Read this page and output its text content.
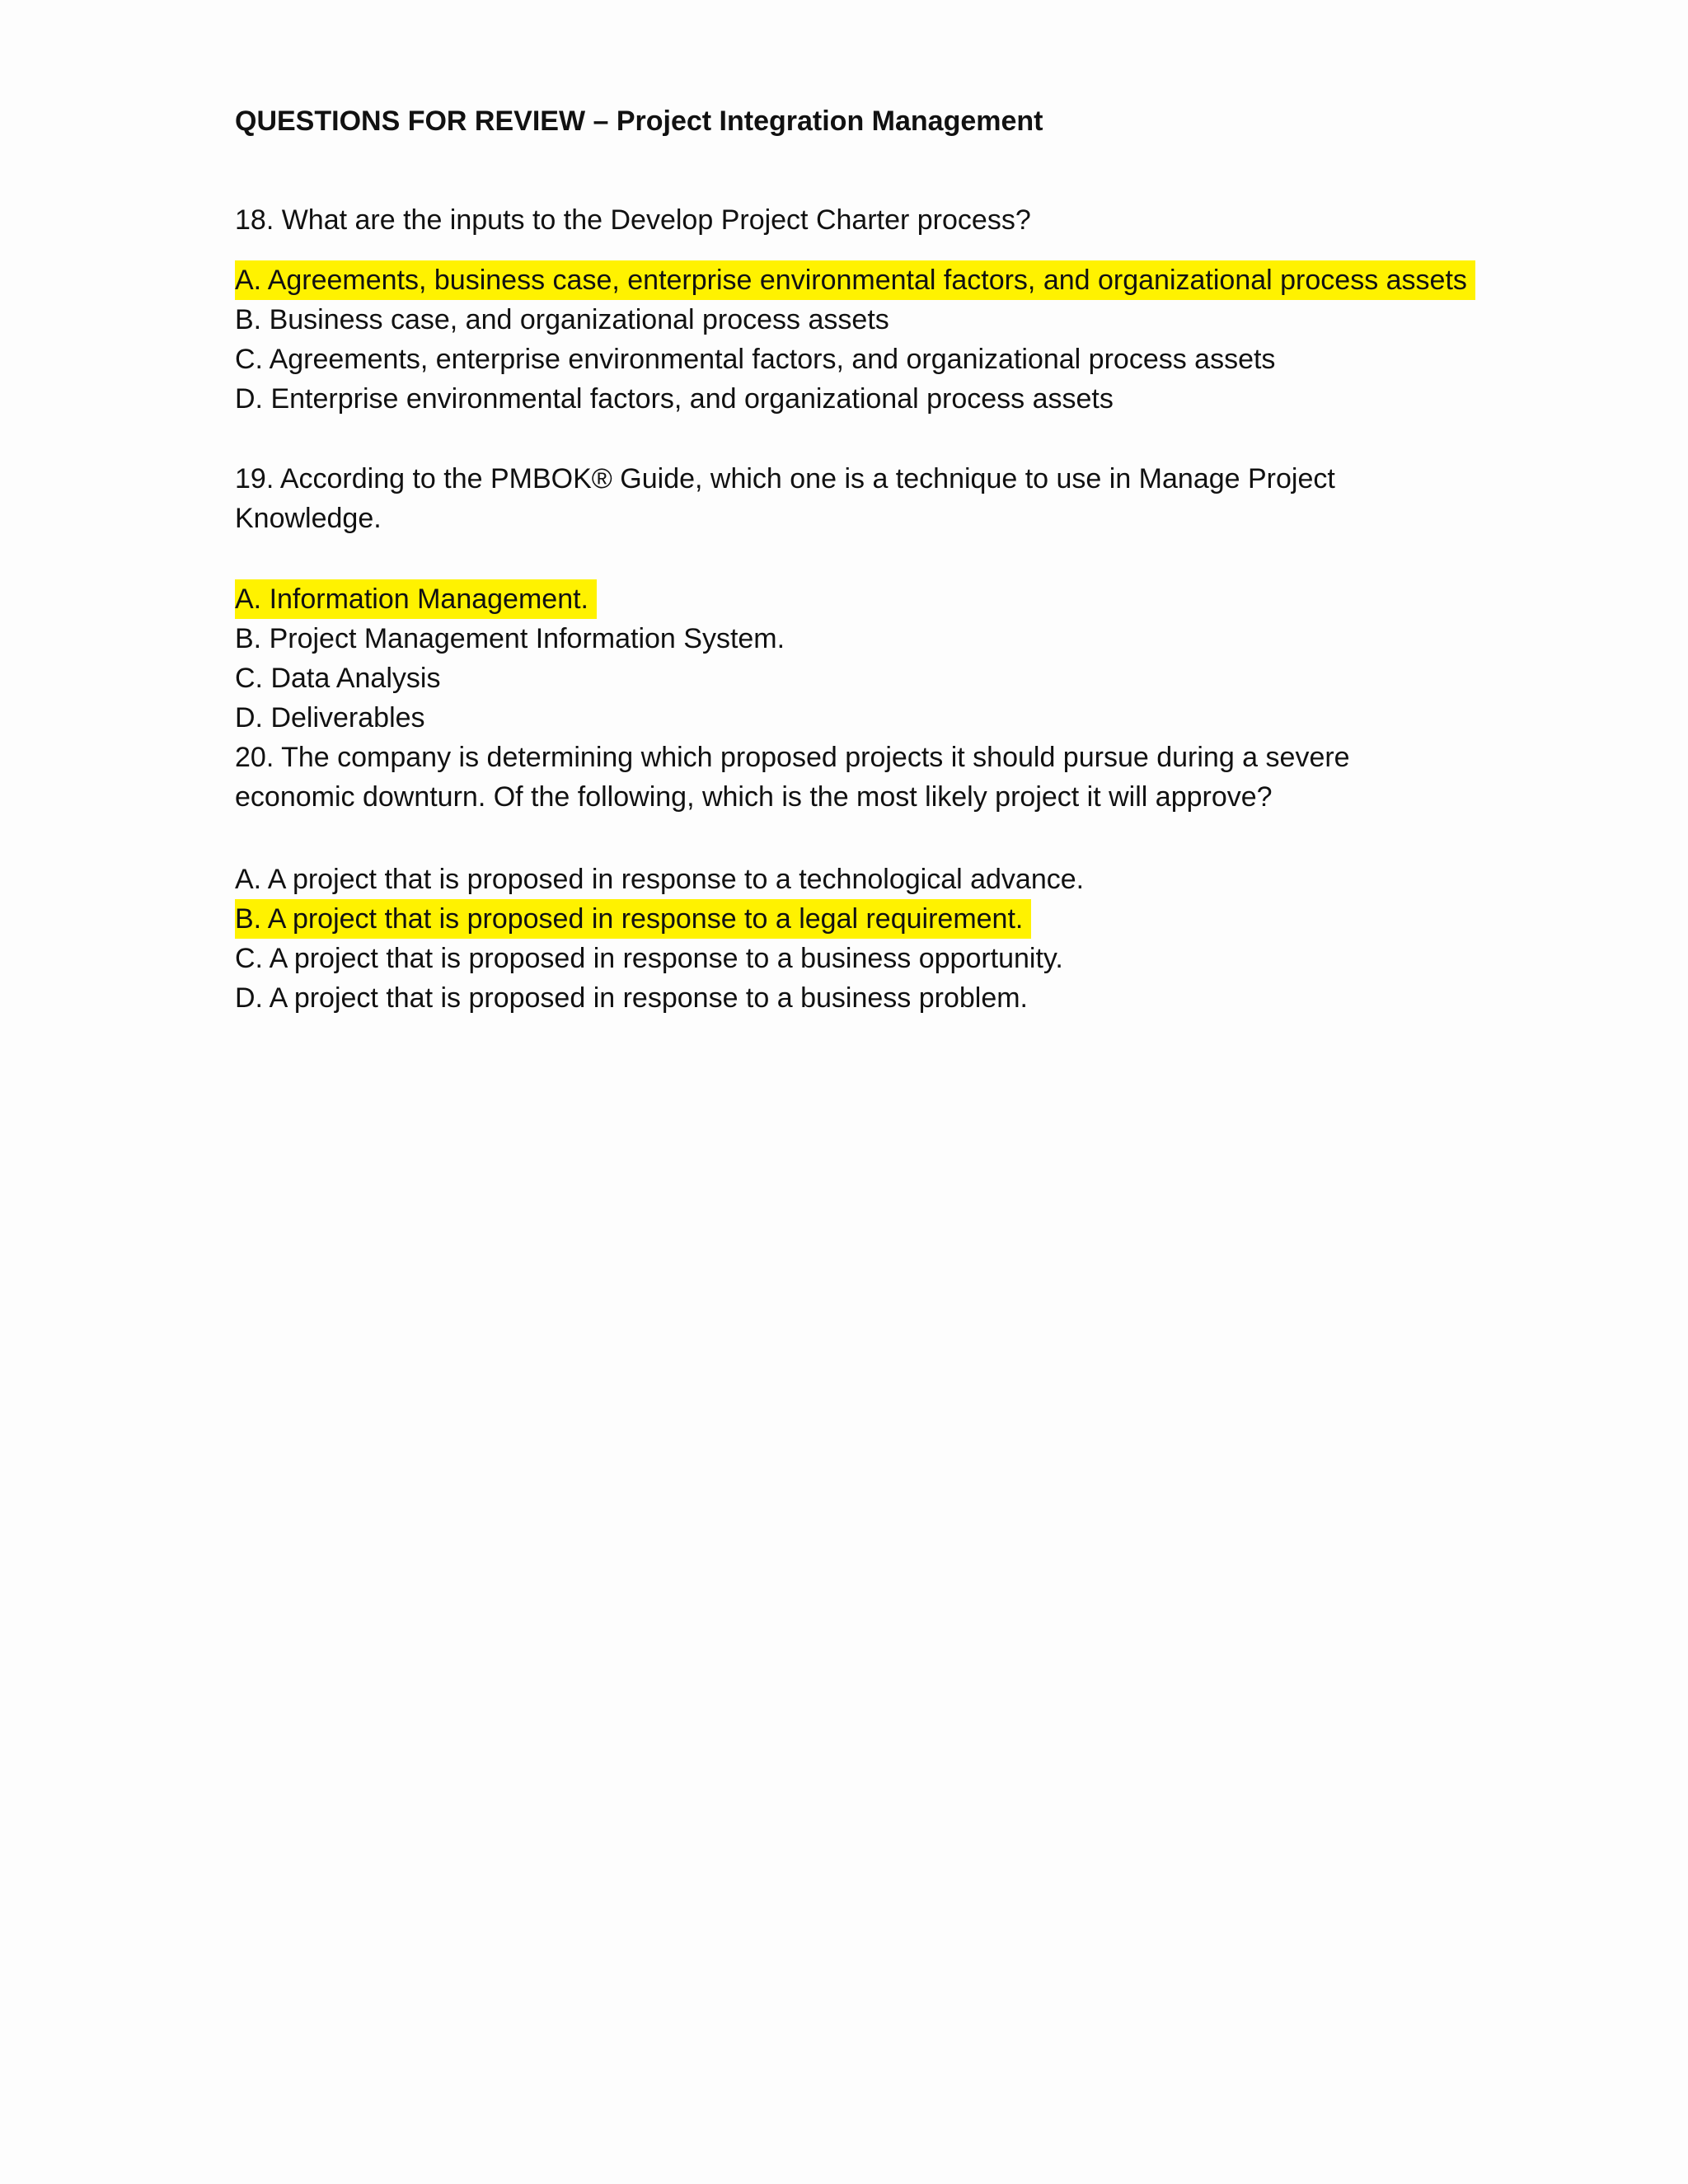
QUESTIONS FOR REVIEW – Project Integration Management

18. What are the inputs to the Develop Project Charter process?

A. Agreements, business case, enterprise environmental factors, and organizational process assets
B. Business case, and organizational process assets
C. Agreements, enterprise environmental factors, and organizational process assets
D. Enterprise environmental factors, and organizational process assets

19. According to the PMBOK® Guide, which one is a technique to use in Manage Project Knowledge.

A. Information Management.
B. Project Management Information System.
C. Data Analysis
D. Deliverables

20. The company is determining which proposed projects it should pursue during a severe economic downturn. Of the following, which is the most likely project it will approve?

A. A project that is proposed in response to a technological advance.
B. A project that is proposed in response to a legal requirement.
C. A project that is proposed in response to a business opportunity.
D. A project that is proposed in response to a business problem.
